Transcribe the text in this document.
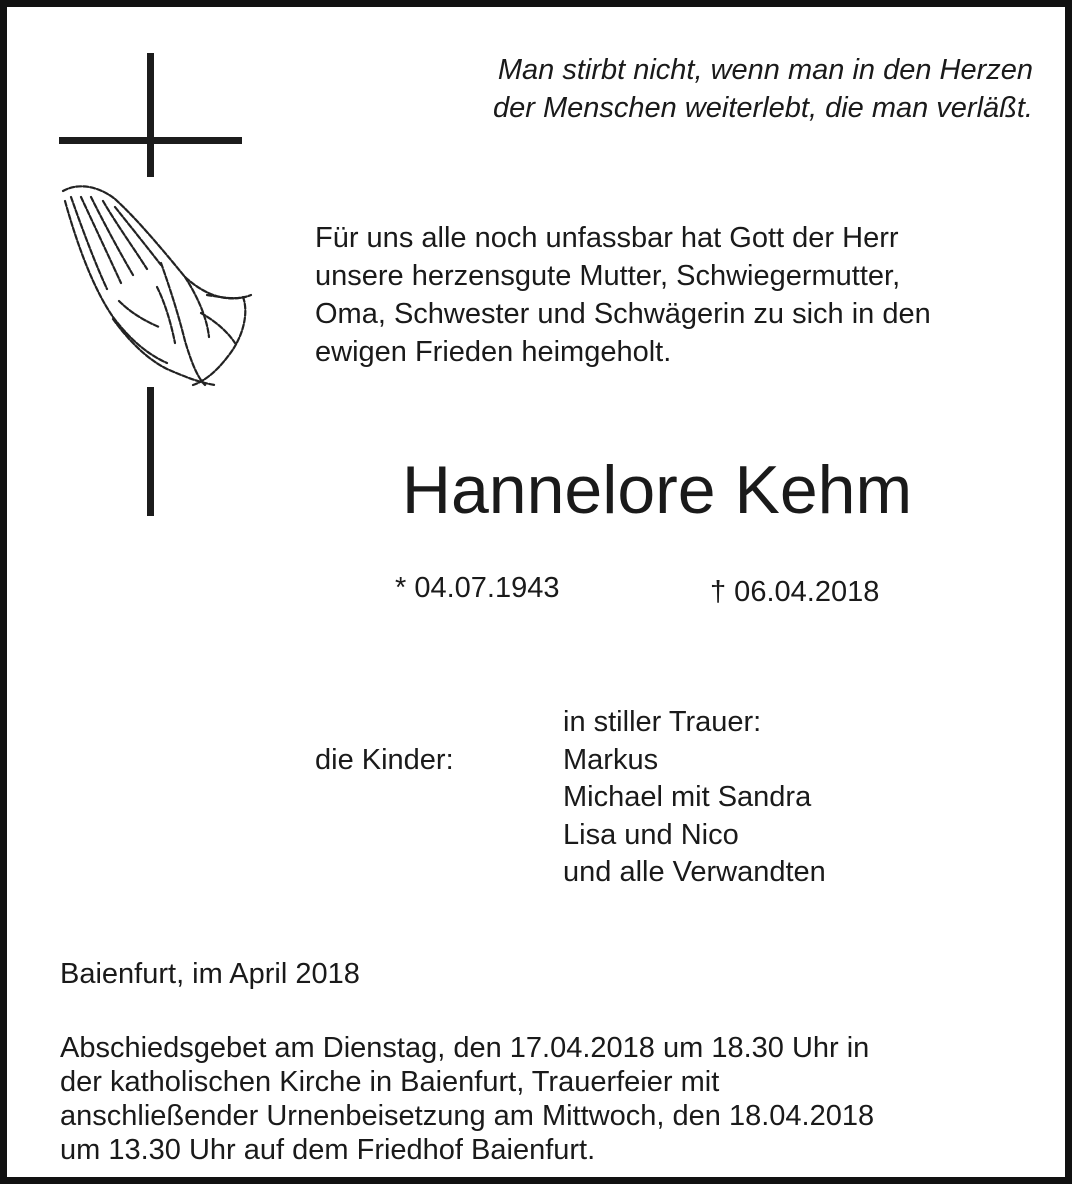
Man stirbt nicht, wenn man in den Herzen
der Menschen weiterlebt, die man verläßt.
Für uns alle noch unfassbar hat Gott der Herr
unsere herzensgute Mutter, Schwiegermutter,
Oma, Schwester und Schwägerin zu sich in den
ewigen Frieden heimgeholt.
Hannelore Kehm
* 04.07.1943	† 06.04.2018
die Kinder:
in stiller Trauer:
Markus
Michael mit Sandra
Lisa und Nico
und alle Verwandten
Baienfurt, im April 2018
Abschiedsgebet am Dienstag, den 17.04.2018 um 18.30 Uhr in
der katholischen Kirche in Baienfurt, Trauerfeier mit
anschließender Urnenbeisetzung am Mittwoch, den 18.04.2018
um 13.30 Uhr auf dem Friedhof Baienfurt.
